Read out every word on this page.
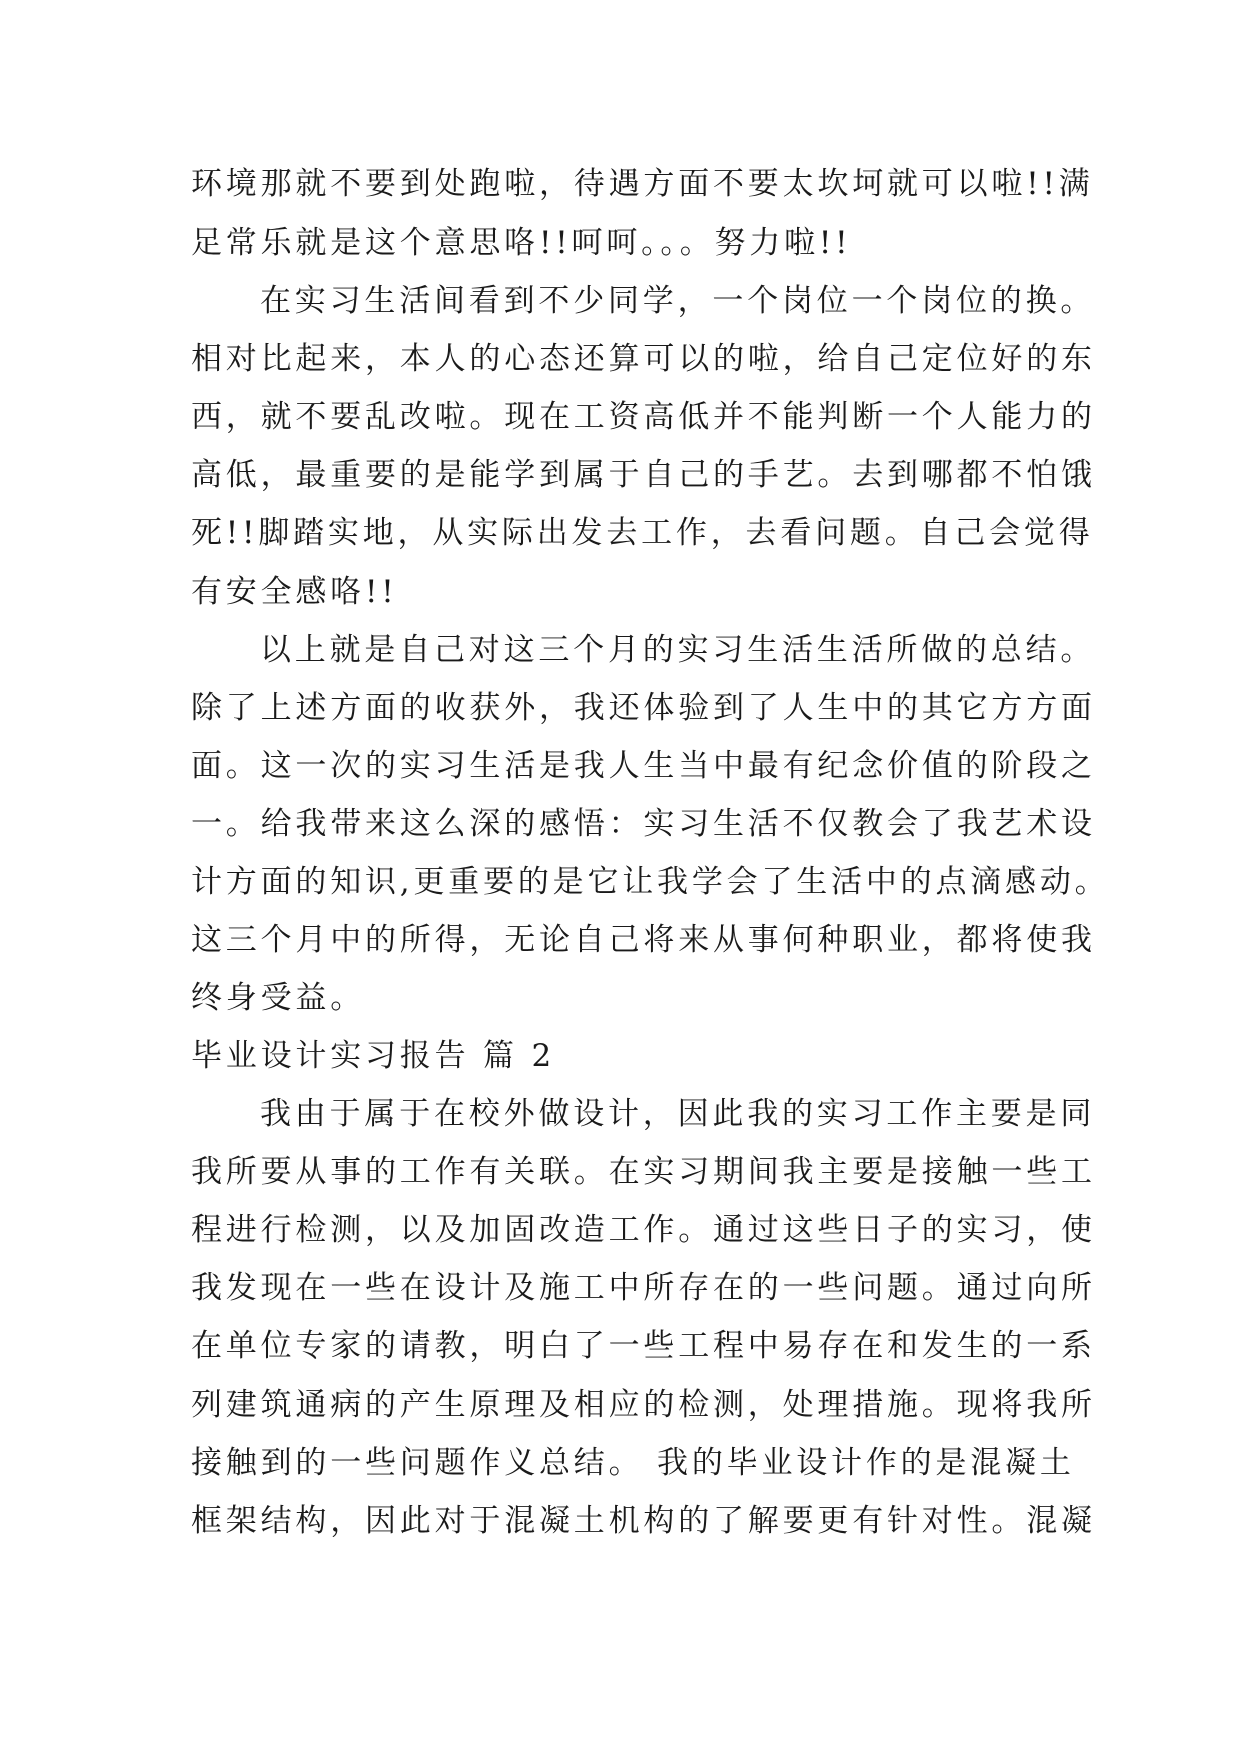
环境那就不要到处跑啦，待遇方面不要太坎坷就可以啦!!满
足常乐就是这个意思咯!!呵呵。。。努力啦!!
在实习生活间看到不少同学，一个岗位一个岗位的换。
相对比起来，本人的心态还算可以的啦，给自己定位好的东
西，就不要乱改啦。现在工资高低并不能判断一个人能力的
高低，最重要的是能学到属于自己的手艺。去到哪都不怕饿
死!!脚踏实地，从实际出发去工作，去看问题。自己会觉得
有安全感咯!!
以上就是自己对这三个月的实习生活生活所做的总结。
除了上述方面的收获外，我还体验到了人生中的其它方方面
面。这一次的实习生活是我人生当中最有纪念价值的阶段之
一。给我带来这么深的感悟：实习生活不仅教会了我艺术设
计方面的知识,更重要的是它让我学会了生活中的点滴感动。
这三个月中的所得，无论自己将来从事何种职业，都将使我
终身受益。
毕业设计实习报告 篇 2
我由于属于在校外做设计，因此我的实习工作主要是同
我所要从事的工作有关联。在实习期间我主要是接触一些工
程进行检测，以及加固改造工作。通过这些日子的实习，使
我发现在一些在设计及施工中所存在的一些问题。通过向所
在单位专家的请教，明白了一些工程中易存在和发生的一系
列建筑通病的产生原理及相应的检测，处理措施。现将我所
接触到的一些问题作义总结。 我的毕业设计作的是混凝土
框架结构，因此对于混凝土机构的了解要更有针对性。混凝
